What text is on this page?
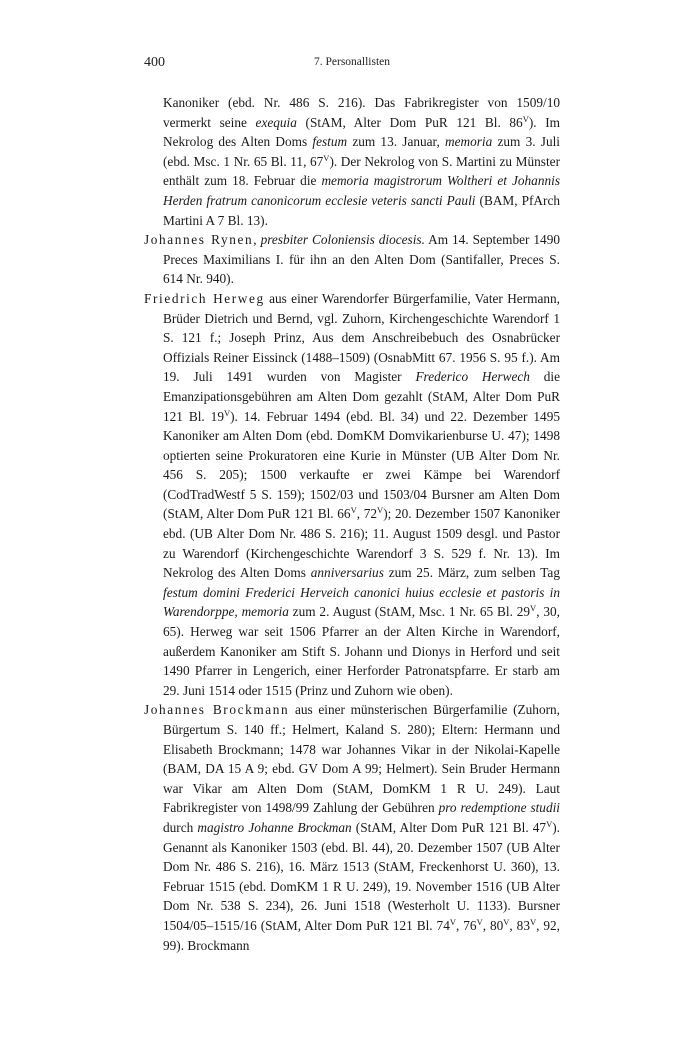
400	7. Personallisten

Kanoniker (ebd. Nr. 486 S. 216). Das Fabrikregister von 1509/10 vermerkt seine exequia (StAM, Alter Dom PuR 121 Bl. $86^V$). Im Nekrolog des Alten Doms festum zum 13. Januar, memoria zum 3. Juli (ebd. Msc. 1 Nr. 65 Bl. 11, $67^V$). Der Nekrolog von S. Martini zu Münster enthält zum 18. Februar die memoria magistrorum Woltheri et Johannis Herden fratrum canonicorum ecclesie veteris sancti Pauli (BAM, PfArch Martini A 7 Bl. 13).

Johannes Rynen, presbiter Coloniensis diocesis. Am 14. September 1490 Preces Maximilians I. für ihn an den Alten Dom (Santifaller, Preces S. 614 Nr. 940).

Friedrich Herweg aus einer Warendorfer Bürgerfamilie, Vater Hermann, Brüder Dietrich und Bernd, vgl. Zuhorn, Kirchengeschichte Warendorf 1 S. 121 f.; Joseph Prinz, Aus dem Anschreibebuch des Osnabrücker Offizials Reiner Eissinck (1488–1509) (OsnabMitt 67. 1956 S. 95 f.). Am 19. Juli 1491 wurden von Magister Frederico Herwech die Emanzipationsgebühren am Alten Dom gezahlt (StAM, Alter Dom PuR 121 Bl. $19^V$). 14. Februar 1494 (ebd. Bl. 34) und 22. Dezember 1495 Kanoniker am Alten Dom (ebd. DomKM Domvikarienburse U. 47); 1498 optierten seine Prokuratoren eine Kurie in Münster (UB Alter Dom Nr. 456 S. 205); 1500 verkaufte er zwei Kämpe bei Warendorf (CodTradWestf 5 S. 159); 1502/03 und 1503/04 Bursner am Alten Dom (StAM, Alter Dom PuR 121 Bl. $66^V$, $72^V$); 20. Dezember 1507 Kanoniker ebd. (UB Alter Dom Nr. 486 S. 216); 11. August 1509 desgl. und Pastor zu Warendorf (Kirchengeschichte Warendorf 3 S. 529 f. Nr. 13). Im Nekrolog des Alten Doms anniversarius zum 25. März, zum selben Tag festum domini Frederici Herveich canonici huius ecclesie et pastoris in Warendorppe, memoria zum 2. August (StAM, Msc. 1 Nr. 65 Bl. $29^V$, 30, 65). Herweg war seit 1506 Pfarrer an der Alten Kirche in Warendorf, außerdem Kanoniker am Stift S. Johann und Dionys in Herford und seit 1490 Pfarrer in Lengerich, einer Herforder Patronatspfarre. Er starb am 29. Juni 1514 oder 1515 (Prinz und Zuhorn wie oben).

Johannes Brockmann aus einer münsterischen Bürgerfamilie (Zuhorn, Bürgertum S. 140 ff.; Helmert, Kaland S. 280); Eltern: Hermann und Elisabeth Brockmann; 1478 war Johannes Vikar in der Nikolai-Kapelle (BAM, DA 15 A 9; ebd. GV Dom A 99; Helmert). Sein Bruder Hermann war Vikar am Alten Dom (StAM, DomKM 1 R U. 249). Laut Fabrikregister von 1498/99 Zahlung der Gebühren pro redemptione studii durch magistro Johanne Brockman (StAM, Alter Dom PuR 121 Bl. $47^V$). Genannt als Kanoniker 1503 (ebd. Bl. 44), 20. Dezember 1507 (UB Alter Dom Nr. 486 S. 216), 16. März 1513 (StAM, Freckenhorst U. 360), 13. Februar 1515 (ebd. DomKM 1 R U. 249), 19. November 1516 (UB Alter Dom Nr. 538 S. 234), 26. Juni 1518 (Westerholt U. 1133). Bursner 1504/05–1515/16 (StAM, Alter Dom PuR 121 Bl. $74^V$, $76^V$, $80^V$, $83^V$, 92, 99). Brockmann
